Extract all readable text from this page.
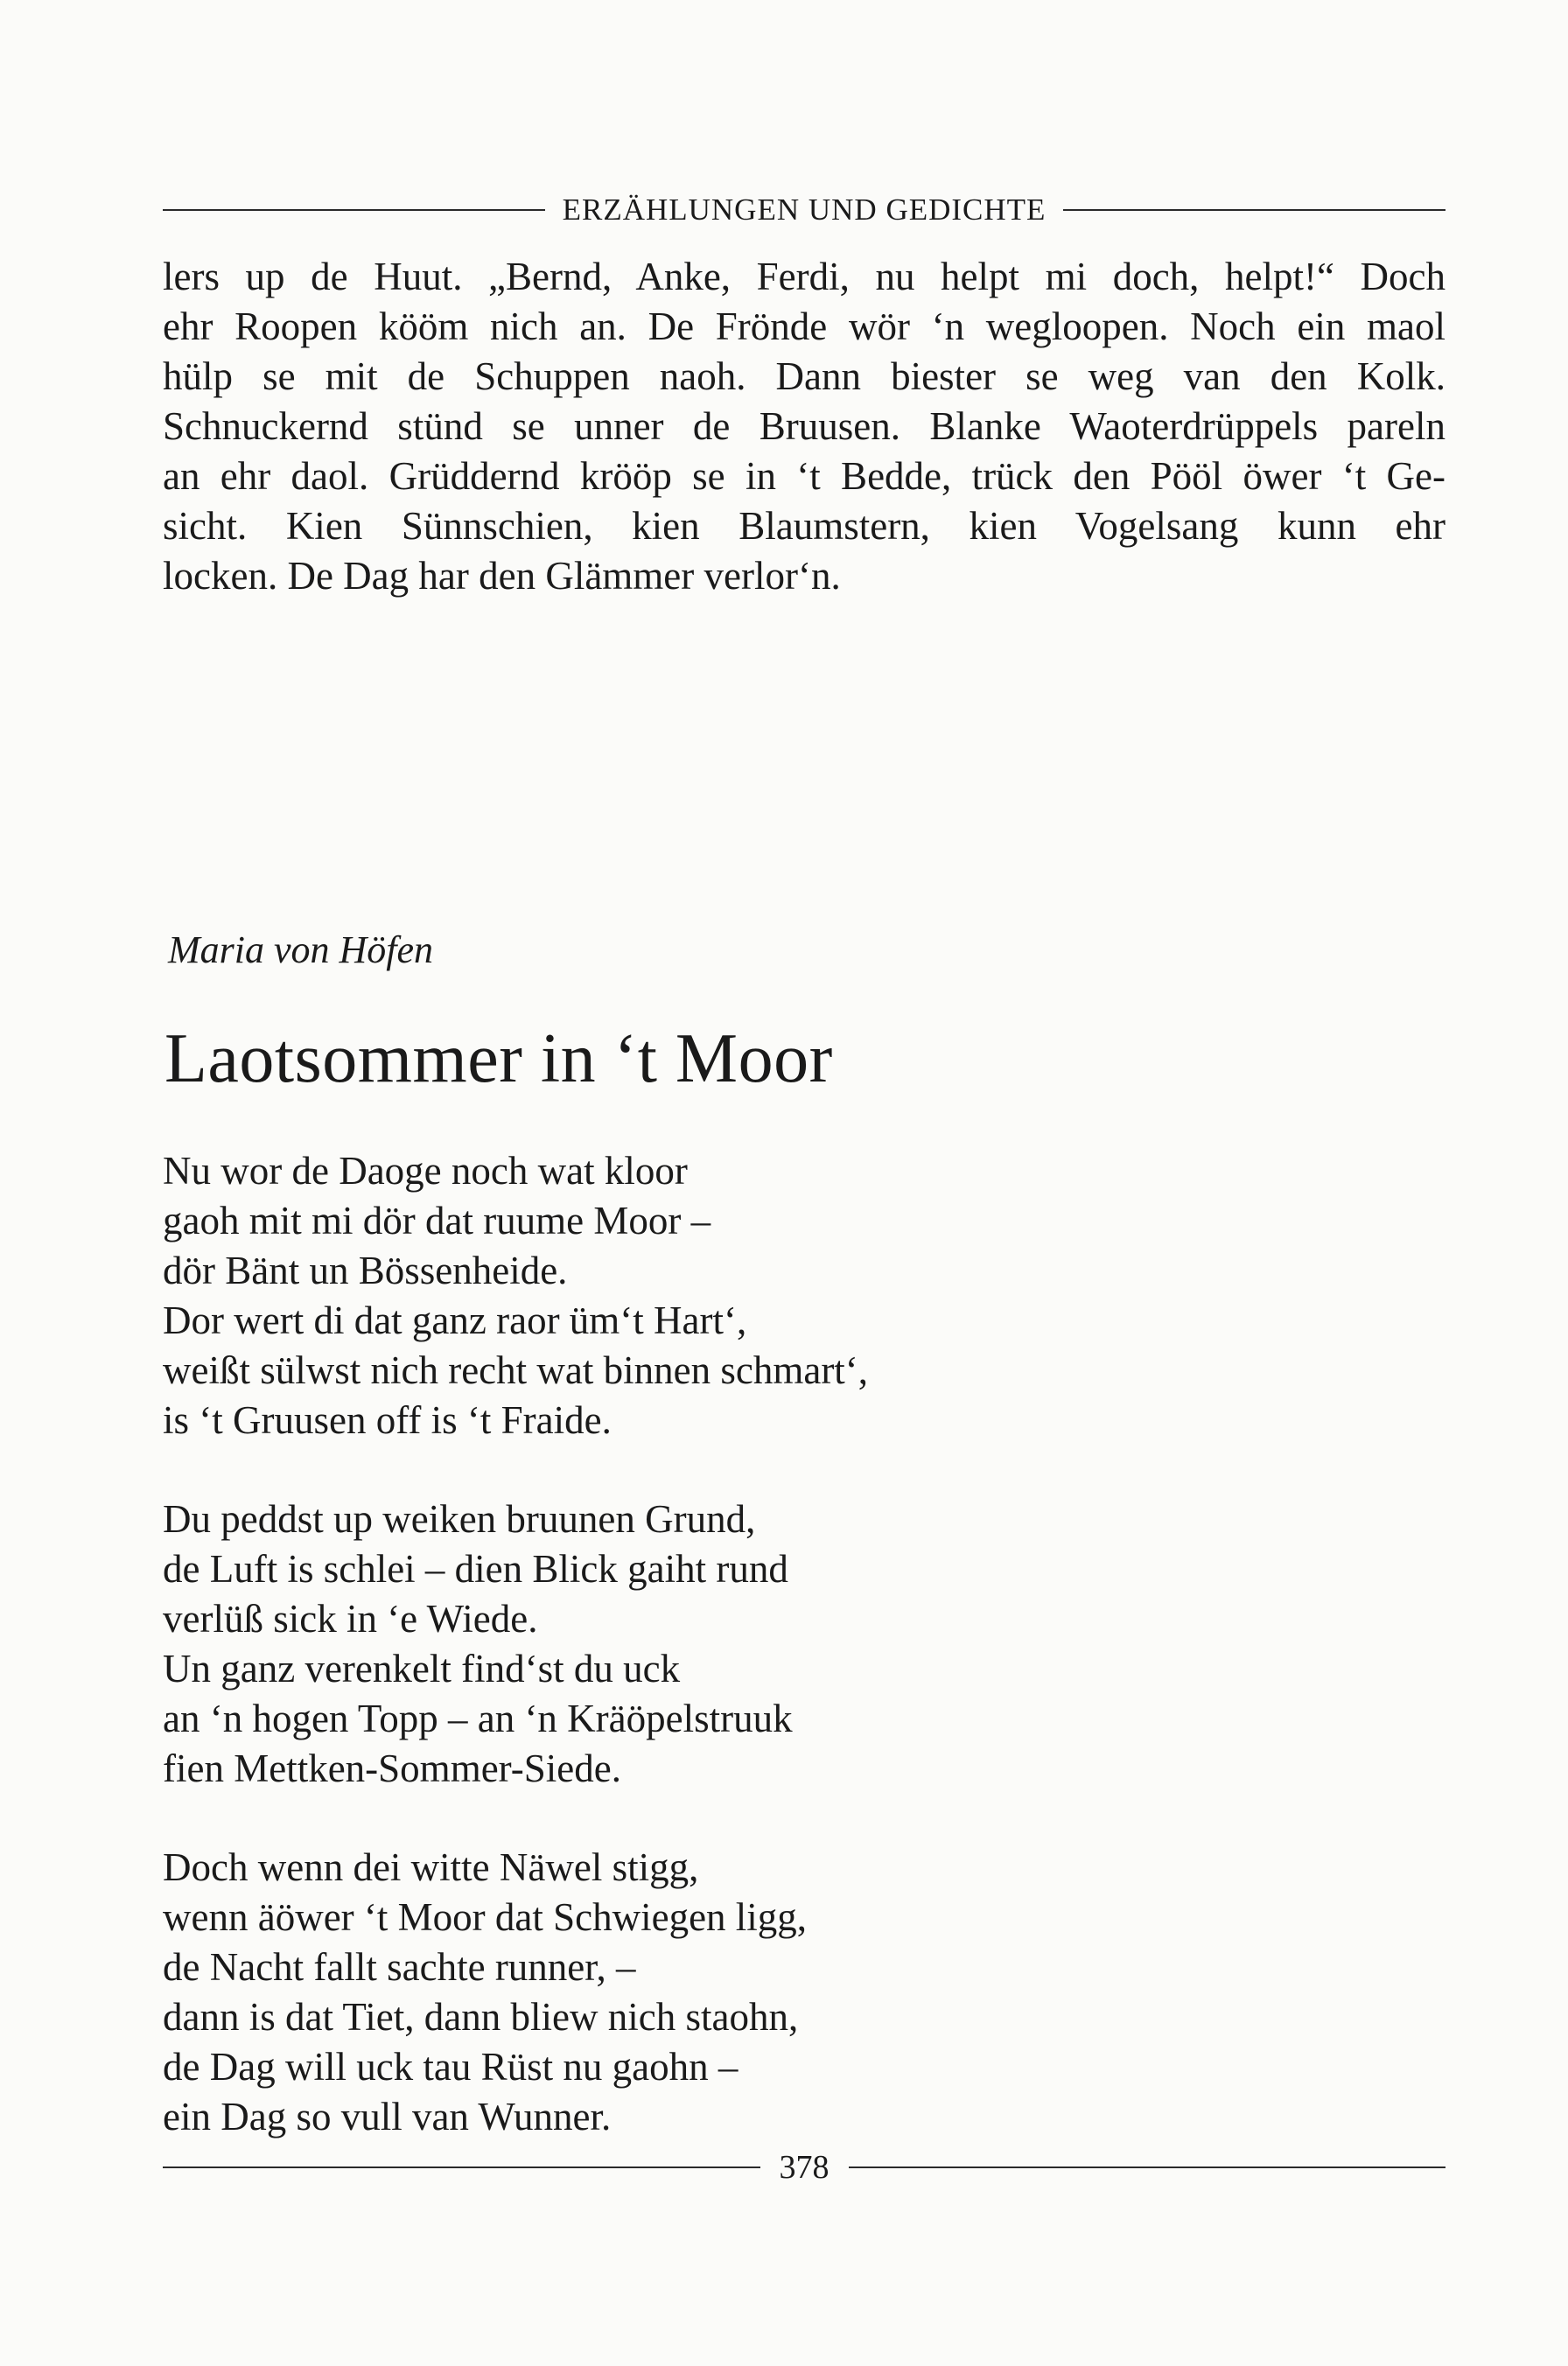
ERZÄHLUNGEN UND GEDICHTE
lers up de Huut. „Bernd, Anke, Ferdi, nu helpt mi doch, helpt!“ Doch
ehr Roopen kööm nich an. De Frönde wör ‘n wegloopen. Noch ein maol
hülp se mit de Schuppen naoh. Dann biester se weg van den Kolk.
Schnuckernd stünd se unner de Bruusen. Blanke Waoterdrüppels pareln
an ehr daol. Grüddernd krööp se in ‘t Bedde, trück den Pööl öwer ‘t Ge-
sicht. Kien Sünnschien, kien Blaumstern, kien Vogelsang kunn ehr
locken. De Dag har den Glämmer verlor‘n.
Maria von Höfen
Laotsommer in ‘t Moor
Nu wor de Daoge noch wat kloor
gaoh mit mi dör dat ruume Moor –
dör Bänt un Bössenheide.
Dor wert di dat ganz raor üm‘t Hart‘,
weißt sülwst nich recht wat binnen schmart‘,
is ‘t Gruusen off is ‘t Fraide.
Du peddst up weiken bruunen Grund,
de Luft is schlei – dien Blick gaiht rund
verlüß sick in ‘e Wiede.
Un ganz verenkelt find‘st du uck
an ‘n hogen Topp – an ‘n Kräöpelstruuk
fien Mettken-Sommer-Siede.
Doch wenn dei witte Näwel stigg,
wenn äöwer ‘t Moor dat Schwiegen ligg,
de Nacht fallt sachte runner, –
dann is dat Tiet, dann bliew nich staohn,
de Dag will uck tau Rüst nu gaohn –
ein Dag so vull van Wunner.
378
